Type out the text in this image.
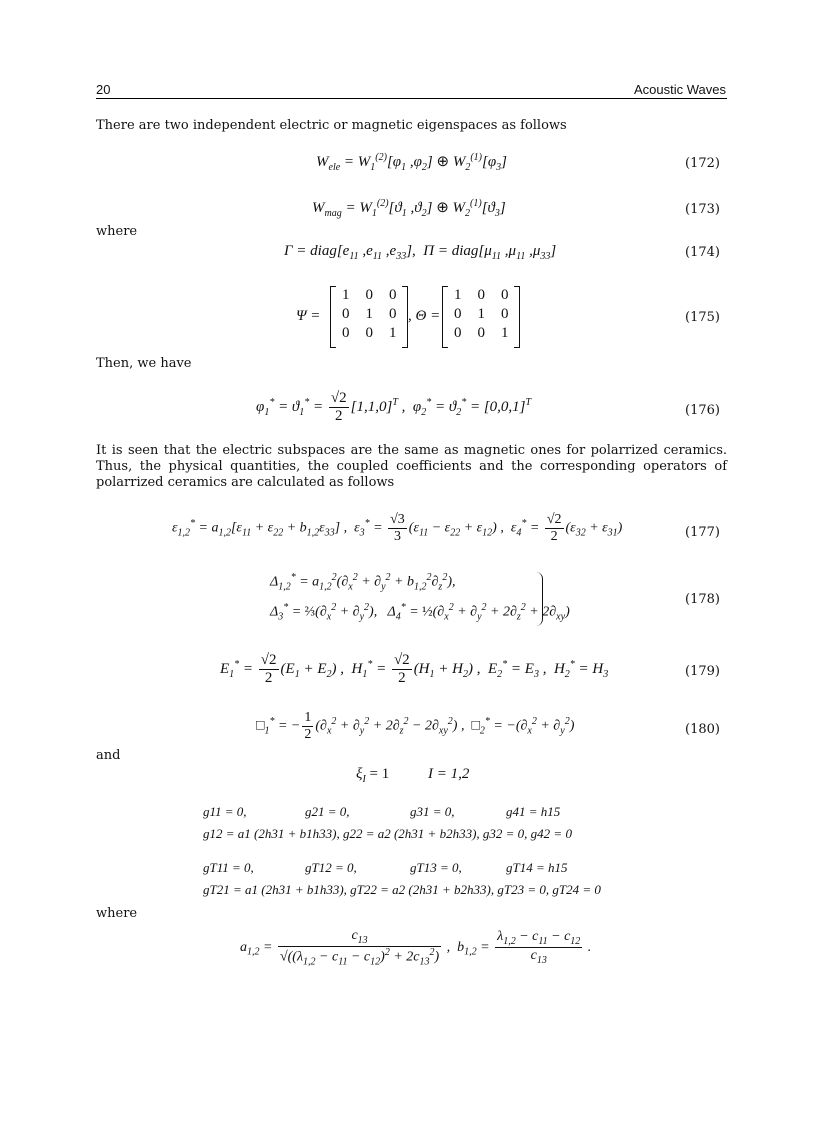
20	Acoustic Waves
There are two independent electric or magnetic eigenspaces as follows
$W_{ele} = W_1^{(2)}[\varphi_1$ $,\varphi_2$] ⊕ $W_2^{(1)}[\varphi_3]$	(172)
$W_{mag} = W_1^{(2)}[ϑ_1$ $,ϑ_2$] ⊕ $W_2^{(1)}[ϑ_3]$	(173)
where
$\Gamma = diag[e_{11}$ $,e_{11}$ $,e_{33}$],  $\Pi = diag[\mu_{11}$ $,\mu_{11}$ $,\mu_{33}$]	(174)
Ψ =
1	0	0
0	1	0
0	0	1
, Θ =
1	0	0
0	1	0
0	0	1
(175)
Then, we have
$\varphi_1^* = ϑ_1^* = \frac{√2}{2} [1,1,0]^T$ ,  $\varphi_2^* = ϑ_2^* = [0,0,1]^T$
(176)
It is seen that the electric subspaces are the same as magnetic ones for polarrized ceramics. Thus, the physical quantities, the coupled coefficients and the corresponding operators of polarrized ceramics are calculated as follows
$\varepsilon_{1,2}^* = a_{1,2}[\varepsilon_{11} + \varepsilon_{22} + b_{1,2}\varepsilon_{33}]$ ,  $\varepsilon_3^* = \frac{√3}{3} (\varepsilon_{11} - \varepsilon_{22} + \varepsilon_{12})$ ,  $\varepsilon_4^* = \frac{√2}{2} (\varepsilon_{32} + \varepsilon_{31})$	(177)
$\Delta_{1,2}^* = a_{1,2}^2(\partial_x^2 + \partial_y^2 + b_{1,2}^2\partial_z^2)$,
$\Delta_3^*$ = $\frac{2}{3}(\partial_x^2 + \partial_y^2)$,   $\Delta_4^*$ = $\frac{1}{2}(\partial_x^2 + \partial_y^2 + 2\partial_z^2 + 2\partial_{xy})$
(178)
$E_1^* = \frac{√2}{2} (E_1 + E_2)$ ,  $H_1^* = \frac{√2}{2} (H_1 + H_2)$ ,  $E_2^* = E_3$ ,  $H_2^* = H_3$	(179)
$□_1^*$ = − $\frac{1}{2} (\partial_x^2 + \partial_y^2 + 2\partial_z^2 - 2\partial_{xy}^2)$ ,  $□_2^* = -(\partial_x^2 + \partial_y^2)$	(180)
and
$\xi_I = 1$	I = 1,2
g11 = 0,	g21 = 0,	g31 = 0,	g41 = h15
g12 = a1 (2h31 + b1h33), g22 = a2 (2h31 + b2h33), g32 = 0, g42 = 0
gT11 = 0,	gT12 = 0,	gT13 = 0,	gT14 = h15
gT21 = a1 (2h31 + b1h33), gT22 = a2 (2h31 + b2h33), gT23 = 0, gT24 = 0
where
$a_{1,2} = \frac{c_{13}}{√((\lambda_{1,2} - c_{11} - c_{12})^2 + 2c_{13}^2)}$ ,  $b_{1,2} = \frac{\lambda_{1,2} - c_{11} - c_{12}}{c_{13}}$ .
